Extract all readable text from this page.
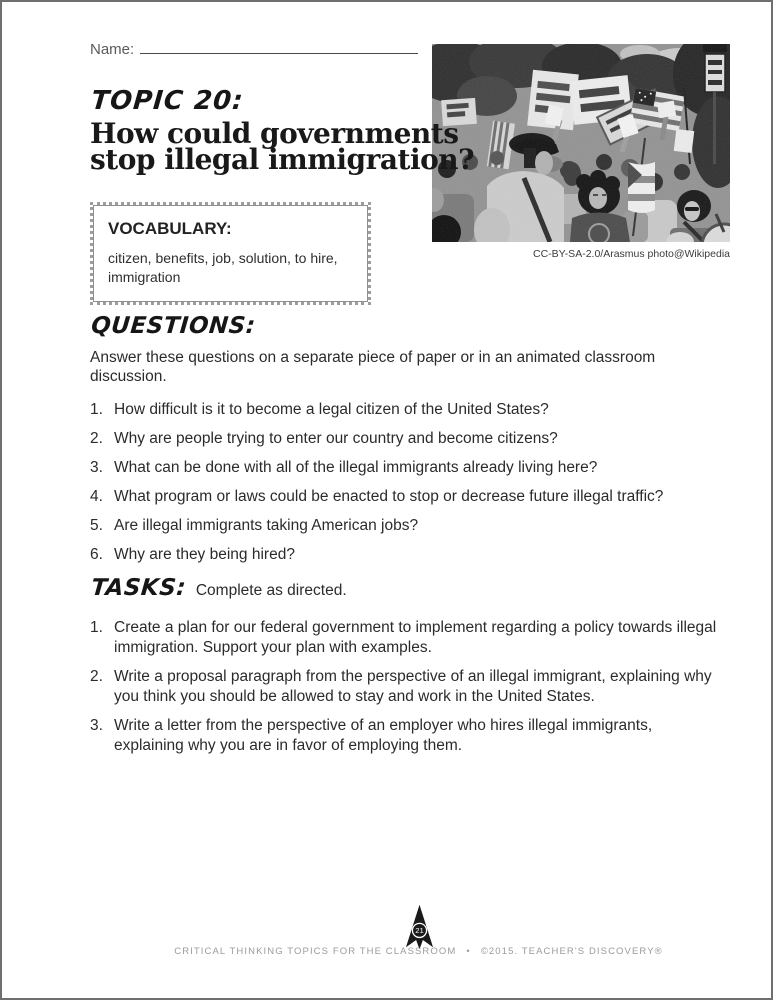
Name:
CC-BY-SA-2.0/Arasmus photo@Wikipedia
TOPIC 20:
How could governments
stop illegal immigration?
VOCABULARY:
citizen, benefits, job, solution, to hire, immigration
QUESTIONS:

Answer these questions on a separate piece of paper or in an animated classroom discussion.

1. How difficult is it to become a legal citizen of the United States?
2. Why are people trying to enter our country and become citizens?
3. What can be done with all of the illegal immigrants already living here?
4. What program or laws could be enacted to stop or decrease future illegal traffic?
5. Are illegal immigrants taking American jobs?
6. Why are they being hired?
TASKS: Complete as directed.
1. Create a plan for our federal government to implement regarding a policy towards illegal immigration. Support your plan with examples.
2. Write a proposal paragraph from the perspective of an illegal immigrant, explaining why you think you should be allowed to stay and work in the United States.
3. Write a letter from the perspective of an employer who hires illegal immigrants, explaining why you are in favor of employing them.
21
CRITICAL THINKING TOPICS FOR THE CLASSROOM • ©2015. TEACHER'S DISCOVERY®
